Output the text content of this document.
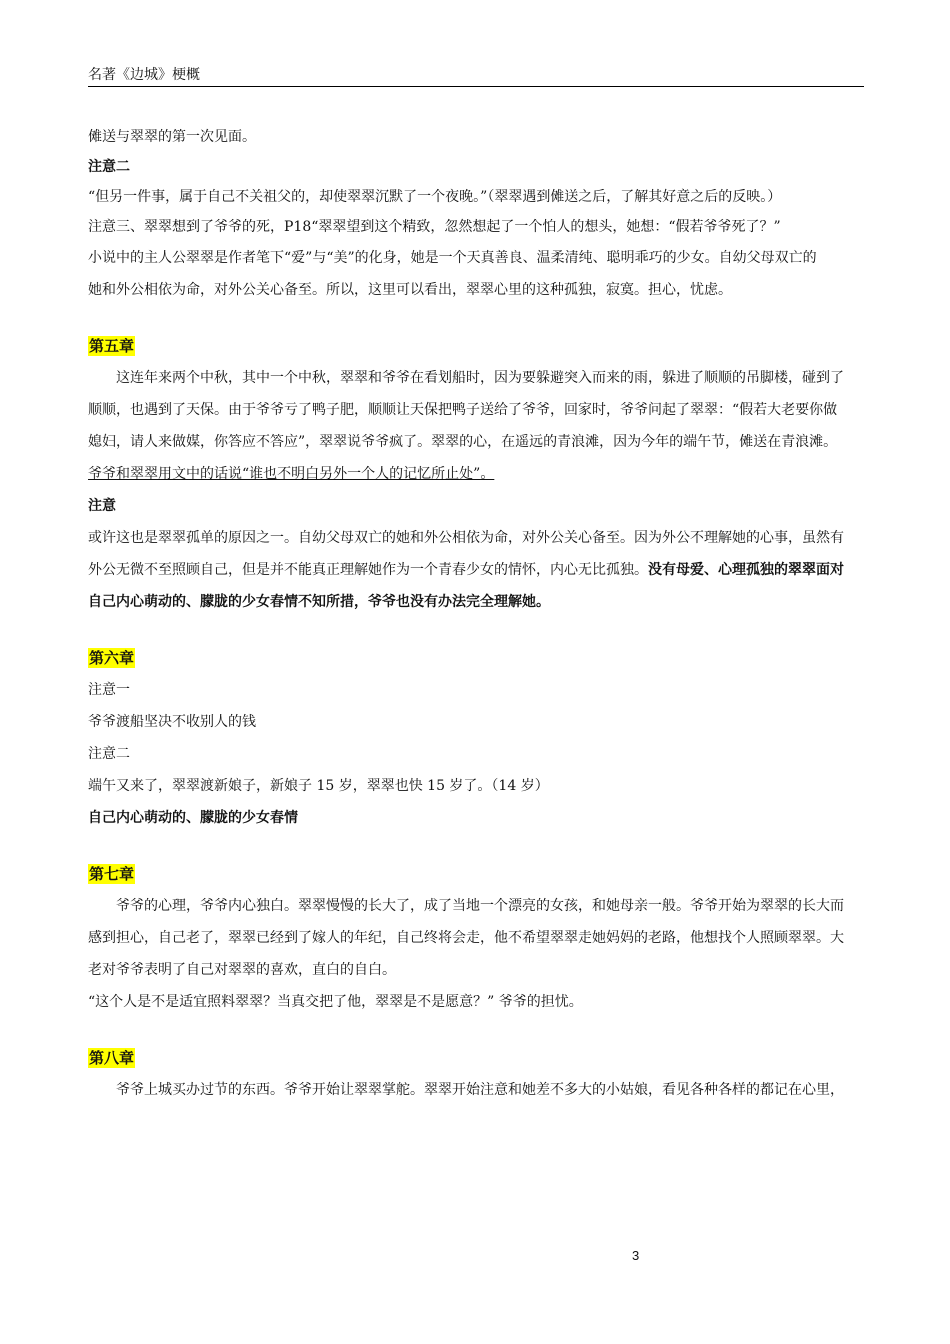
名著《边城》梗概
傩送与翠翠的第一次见面。
注意二
“但另一件事，属于自己不关祖父的，却使翠翠沉默了一个夜晚。”（翠翠遇到傩送之后，了解其好意之后的反映。）
注意三、翠翠想到了爷爷的死，P18“翠翠望到这个精致，忽然想起了一个怕人的想头，她想：“假若爷爷死了？”
小说中的主人公翠翠是作者笔下“爱”与“美”的化身，她是一个天真善良、温柔清纯、聪明乖巧的少女。自幼父母双亡的
她和外公相依为命，对外公关心备至。所以，这里可以看出，翠翠心里的这种孤独，寂寞。担心，忧虑。
第五章
这连年来两个中秋，其中一个中秋，翠翠和爷爷在看划船时，因为要躲避突入而来的雨，躲进了顺顺的吊脚楼，碰到了
顺顺，也遇到了天保。由于爷爷亏了鸭子肥，顺顺让天保把鸭子送给了爷爷，回家时，爷爷问起了翠翠：“假若大老要你做
媳妇，请人来做媒，你答应不答应”，翠翠说爷爷疯了。翠翠的心，在遥远的青浪滩，因为今年的端午节，傩送在青浪滩。
爷爷和翠翠用文中的话说“谁也不明白另外一个人的记忆所止处”。
注意
或许这也是翠翠孤单的原因之一。自幼父母双亡的她和外公相依为命，对外公关心备至。因为外公不理解她的心事，虽然有
外公无微不至照顾自己，但是并不能真正理解她作为一个青春少女的情怀，内心无比孤独。没有母爱、心理孤独的翠翠面对
自己内心萌动的、朦胧的少女春情不知所措，爷爷也没有办法完全理解她。
第六章
注意一
爷爷渡船坚决不收别人的钱
注意二
端午又来了，翠翠渡新娘子，新娘子 15 岁，翠翠也快 15 岁了。（14 岁）
自己内心萌动的、朦胧的少女春情
第七章
爷爷的心理，爷爷内心独白。翠翠慢慢的长大了，成了当地一个漂亮的女孩，和她母亲一般。爷爷开始为翠翠的长大而
感到担心，自己老了，翠翠已经到了嫁人的年纪，自己终将会走，他不希望翠翠走她妈妈的老路，他想找个人照顾翠翠。大
老对爷爷表明了自己对翠翠的喜欢，直白的自白。
“这个人是不是适宜照料翠翠？当真交把了他，翠翠是不是愿意？” 爷爷的担忧。
第八章
爷爷上城买办过节的东西。爷爷开始让翠翠掌舵。翠翠开始注意和她差不多大的小姑娘，看见各种各样的都记在心里，
3
